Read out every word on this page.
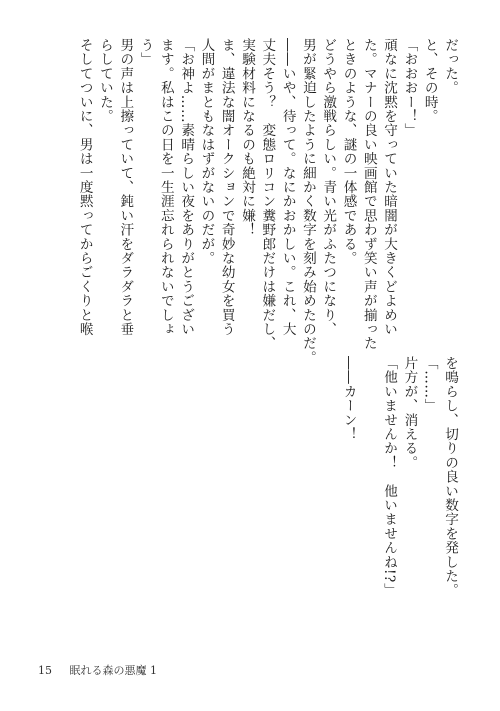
だった。
と、その時。
「おおおー！」
頑なに沈黙を守っていた暗闇が大きくどよめい
た。マナーの良い映画館で思わず笑い声が揃った
ときのような、謎の一体感である。
どうやら激戦らしい。青い光がふたつになり、
男が緊迫したように細かく数字を刻み始めたのだ。
――いや、待って。なにかおかしい。これ、大
丈夫そう？　変態ロリコン糞野郎だけは嫌だし、
実験材料になるのも絶対に嫌！
ま、違法な闇オークションで奇妙な幼女を買う
人間がまともなはずがないのだが。
「お神よ……素晴らしい夜をありがとうござい
ます。私はこの日を一生涯忘れられないでしょ
う」
男の声は上擦っていて、鈍い汗をダラダラと垂
らしていた。
そしてついに、男は一度黙ってからごくりと喉
を鳴らし、切りの良い数字を発した。
「……」
片方が、消える。
「他いませんか！　他いませんね!?」

――カーン！
15 眠れる森の悪魔 1
